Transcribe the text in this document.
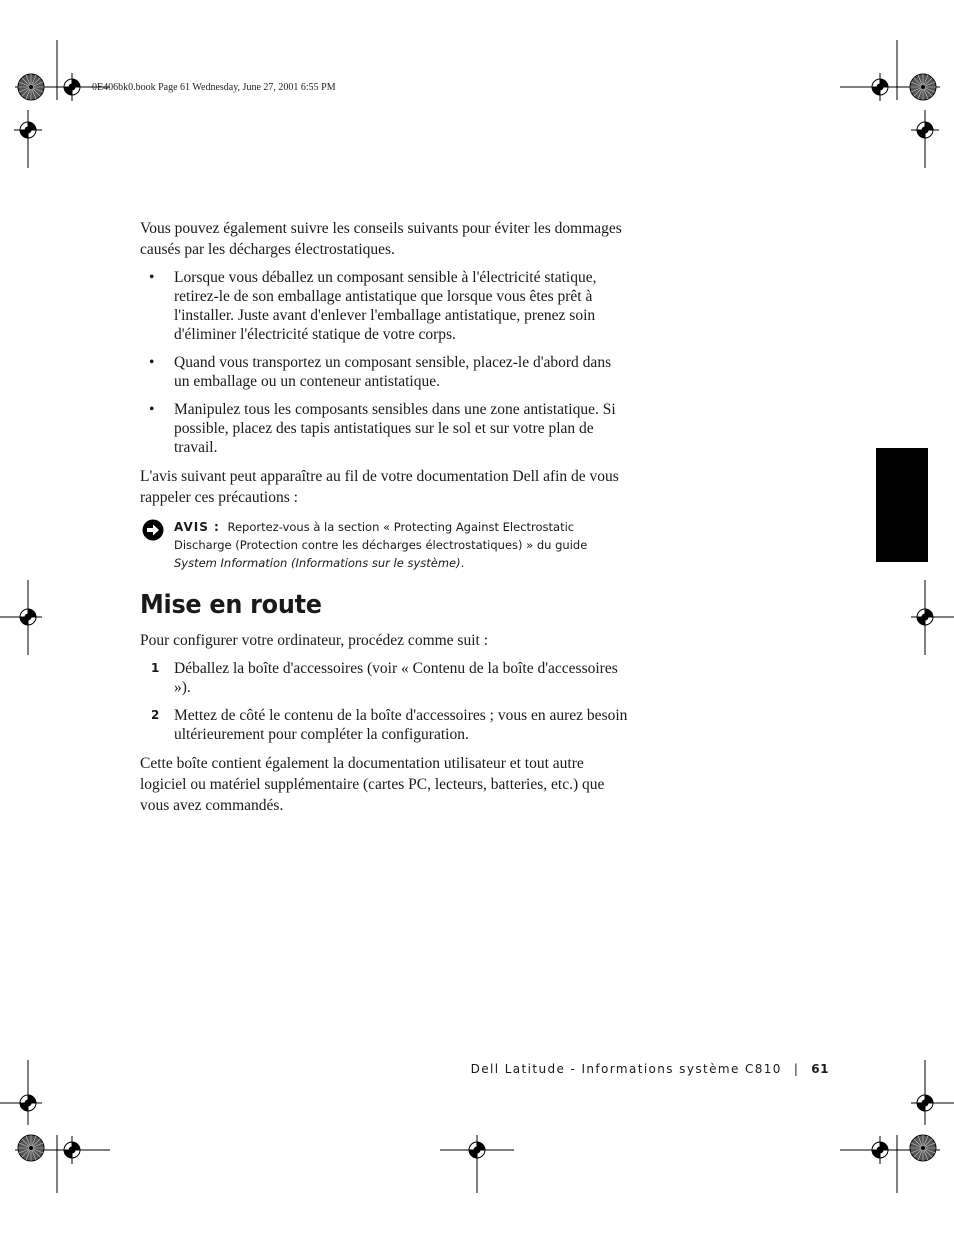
0E406bk0.book Page 61 Wednesday, June 27, 2001 6:55 PM

Vous pouvez également suivre les conseils suivants pour éviter les dommages causés par les décharges électrostatiques.

• Lorsque vous déballez un composant sensible à l'électricité statique, retirez-le de son emballage antistatique que lorsque vous êtes prêt à l'installer. Juste avant d'enlever l'emballage antistatique, prenez soin d'éliminer l'électricité statique de votre corps.
• Quand vous transportez un composant sensible, placez-le d'abord dans un emballage ou un conteneur antistatique.
• Manipulez tous les composants sensibles dans une zone antistatique. Si possible, placez des tapis antistatiques sur le sol et sur votre plan de travail.

L'avis suivant peut apparaître au fil de votre documentation Dell afin de vous rappeler ces précautions :

AVIS : Reportez-vous à la section « Protecting Against Electrostatic Discharge (Protection contre les décharges électrostatiques) » du guide System Information (Informations sur le système).
Mise en route

Pour configurer votre ordinateur, procédez comme suit :

1 Déballez la boîte d'accessoires (voir « Contenu de la boîte d'accessoires »).
2 Mettez de côté le contenu de la boîte d'accessoires ; vous en aurez besoin ultérieurement pour compléter la configuration.

Cette boîte contient également la documentation utilisateur et tout autre logiciel ou matériel supplémentaire (cartes PC, lecteurs, batteries, etc.) que vous avez commandés.

Dell Latitude - Informations système C810 | 61
